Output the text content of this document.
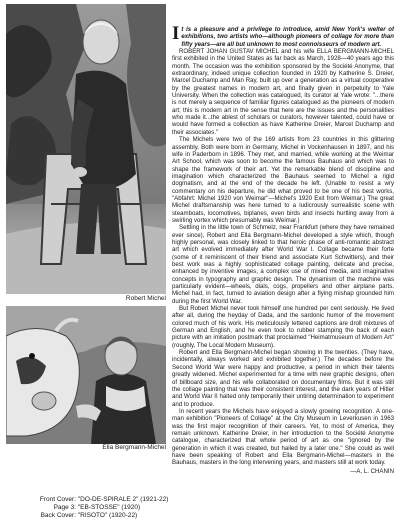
Robert Michel
Ella Bergmann-Michel
Front Cover: "DO-DE-SPIRALE 2" (1921-22)
Page 3: "EB-STOSSE" (1920)
Back Cover: "RISOTO" (1920-22)

It is a pleasure and a privilege to introduce, amid New York's welter of exhibitions, two artists who—although pioneers of collage for more than fifty years—are all but unknown to most connoisseurs of modern art.

ROBERT JOHAN GUSTAV MICHEL and his wife ELLA BERGMANN-MICHEL first exhibited in the United States as far back as March, 1928—40 years ago this month. The occasion was the exhibition sponsored by the Société Anonyme, that extraordinary, indeed unique collection founded in 1920 by Katherine S. Dreier, Marcel Duchamp and Man Ray, built up over a generation as a virtual cooperative by the greatest names in modern art, and finally given in perpetuity to Yale University. When the collection was catalogued, its curator at Yale wrote: "...there is not merely a sequence of familiar figures catalogued as the pioneers of modern art; this is modern art in the sense that here are the issues and the personalities who made it...the ablest of scholars or curators, however talented, could have or would have formed a collection as have Katherine Dreier, Marcel Duchamp and their associates."

The Michels were two of the 169 artists from 23 countries in this glittering assembly. Both were born in Germany, Michel in Vockenhausen in 1897, and his wife in Paderborn in 1896. They met, and married, while working at the Weimar Art School, which was soon to become the famous Bauhaus and which was to shape the framework of their art. Yet the remarkable blend of discipline and imagination which characterized the Bauhaus seemed to Michel a rigid dogmatism, and at the end of the decade he left. (Unable to resist a wry commentary on his departure, he did what proved to be one of his best works, "Abfahrt: Michel 1920 von Weimar"—Michel's 1920 Exit from Weimar.) The great Michel draftsmanship was here turned to a ludicrously surrealistic scene with steamboats, locomotives, biplanes, even birds and insects hurtling away from a swirling vortex which presumably was Weimar.)

Settling in the little town of Schmelz, near Frankfurt (where they have remained ever since), Robert and Ella Bergmann-Michel developed a style which, though highly personal, was closely linked to that heroic phase of anti-romantic abstract art which evolved immediately after World War I. Collage became their forte (some of it reminiscent of their friend and associate Kurt Schwitters), and their best work was a highly sophisticated collage painting, delicate and precise, enhanced by inventive images, a complex use of mixed media, and imaginative concepts in typography and graphic design. The dynamism of the machine was particularly evident—wheels, dials, cogs, propellers and other airplane parts. Michel had, in fact, turned to aviation design after a flying mishap grounded him during the first World War.

But Robert Michel never took himself one hundred per cent seriously. He lived after all, during the heyday of Dada, and the sardonic humor of the movement colored much of his work. His meticulously lettered captions are droll mixtures of German and English, and he even took to rubber stamping the back of each picture with an imitation postmark that proclaimed "Heimatmuseum of Modern Art" (roughly, The Local Modern Museum).

Robert and Ella Bergmann-Michel began showing in the twenties. (They have, incidentally, always worked and exhibited together.) The decades before the Second World War were happy and productive, a period in which their talents greatly widened. Michel experimented for a time with new graphic designs, often of billboard size, and his wife collaborated on documentary films. But it was still the collage painting that was their consistent interest, and the dark years of Hitler and World War II halted only temporarily their untiring determination to experiment and to produce.

In recent years the Michels have enjoyed a slowly growing recognition. A one-man exhibition "Pioneers of Collage" at the City Museum in Leverkusen in 1963 was the first major recognition of their careers. Yet, to most of America, they remain unknown. Katherine Dreier, in her introduction to the Société Anonyme catalogue, characterized that whole period of art as one "ignored by the generation in which it was created, but hailed by a later one." She could as well have been speaking of Robert and Ella Bergmann-Michel—masters in the Bauhaus, masters in the long intervening years, and masters still at work today.

—A. L. CHANIN
